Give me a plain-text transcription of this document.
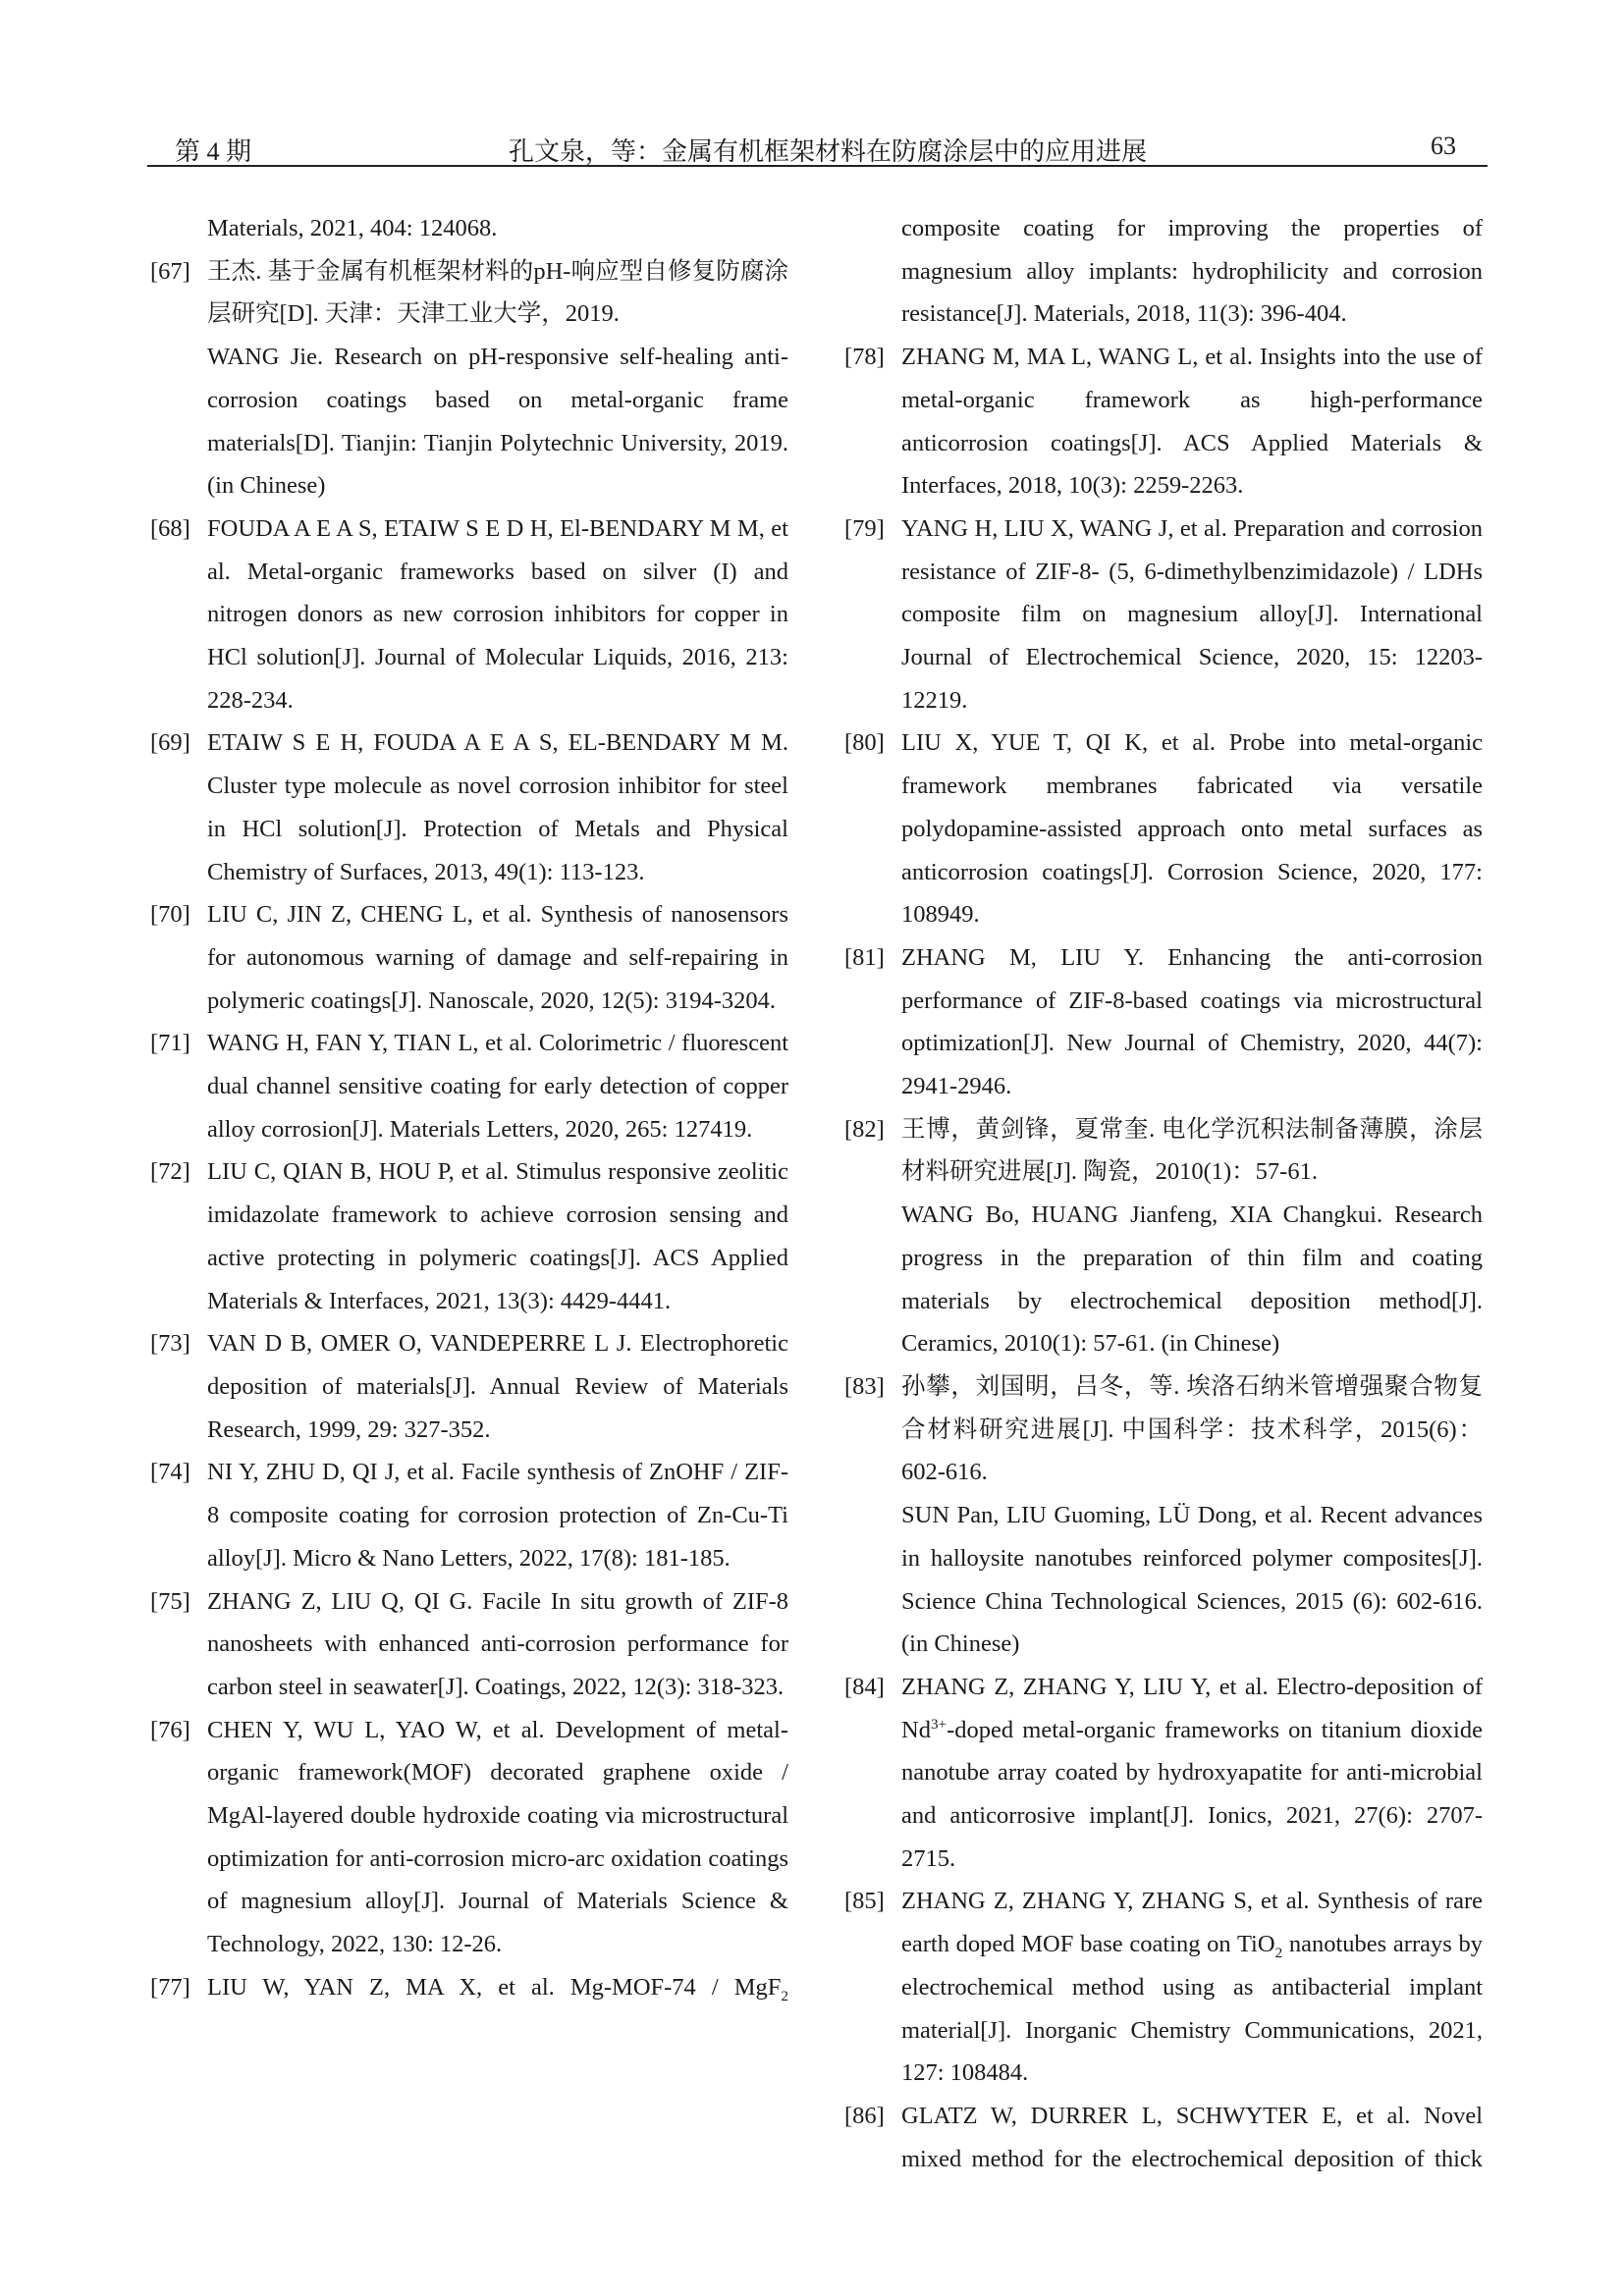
第 4 期	孔文泉，等：金属有机框架材料在防腐涂层中的应用进展	63

Materials, 2021, 404: 124068.

[67] 王杰. 基于金属有机框架材料的pH-响应型自修复防腐涂层研究[D]. 天津：天津工业大学，2019.

WANG Jie. Research on pH-responsive self-healing anti-corrosion coatings based on metal-organic frame materials[D]. Tianjin: Tianjin Polytechnic University, 2019. (in Chinese)

[68] FOUDA A E A S, ETAIW S E D H, El-BENDARY M M, et al. Metal-organic frameworks based on silver (I) and nitrogen donors as new corrosion inhibitors for copper in HCl solution[J]. Journal of Molecular Liquids, 2016, 213: 228-234.

[69] ETAIW S E H, FOUDA A E A S, EL-BENDARY M M. Cluster type molecule as novel corrosion inhibitor for steel in HCl solution[J]. Protection of Metals and Physical Chemistry of Surfaces, 2013, 49(1): 113-123.

[70] LIU C, JIN Z, CHENG L, et al. Synthesis of nanosensors for autonomous warning of damage and self-repairing in polymeric coatings[J]. Nanoscale, 2020, 12(5): 3194-3204.

[71] WANG H, FAN Y, TIAN L, et al. Colorimetric / fluorescent dual channel sensitive coating for early detection of copper alloy corrosion[J]. Materials Letters, 2020, 265: 127419.

[72] LIU C, QIAN B, HOU P, et al. Stimulus responsive zeolitic imidazolate framework to achieve corrosion sensing and active protecting in polymeric coatings[J]. ACS Applied Materials & Interfaces, 2021, 13(3): 4429-4441.

[73] VAN D B, OMER O, VANDEPERRE L J. Electrophoretic deposition of materials[J]. Annual Review of Materials Research, 1999, 29: 327-352.

[74] NI Y, ZHU D, QI J, et al. Facile synthesis of ZnOHF / ZIF-8 composite coating for corrosion protection of Zn-Cu-Ti alloy[J]. Micro & Nano Letters, 2022, 17(8): 181-185.

[75] ZHANG Z, LIU Q, QI G. Facile In situ growth of ZIF-8 nanosheets with enhanced anti-corrosion performance for carbon steel in seawater[J]. Coatings, 2022, 12(3): 318-323.

[76] CHEN Y, WU L, YAO W, et al. Development of metal-organic framework(MOF) decorated graphene oxide / MgAl-layered double hydroxide coating via microstructural optimization for anti-corrosion micro-arc oxidation coatings of magnesium alloy[J]. Journal of Materials Science & Technology, 2022, 130: 12-26.

[77] LIU W, YAN Z, MA X, et al. Mg-MOF-74 / MgF$_2$

composite coating for improving the properties of magnesium alloy implants: hydrophilicity and corrosion resistance[J]. Materials, 2018, 11(3): 396-404.

[78] ZHANG M, MA L, WANG L, et al. Insights into the use of metal-organic framework as high-performance anticorrosion coatings[J]. ACS Applied Materials & Interfaces, 2018, 10(3): 2259-2263.

[79] YANG H, LIU X, WANG J, et al. Preparation and corrosion resistance of ZIF-8- (5, 6-dimethylbenzimidazole) / LDHs composite film on magnesium alloy[J]. International Journal of Electrochemical Science, 2020, 15: 12203-12219.

[80] LIU X, YUE T, QI K, et al. Probe into metal-organic framework membranes fabricated via versatile polydopamine-assisted approach onto metal surfaces as anticorrosion coatings[J]. Corrosion Science, 2020, 177: 108949.

[81] ZHANG M, LIU Y. Enhancing the anti-corrosion performance of ZIF-8-based coatings via microstructural optimization[J]. New Journal of Chemistry, 2020, 44(7): 2941-2946.

[82] 王博，黄剑锋，夏常奎. 电化学沉积法制备薄膜，涂层材料研究进展[J]. 陶瓷，2010(1)：57-61.

WANG Bo, HUANG Jianfeng, XIA Changkui. Research progress in the preparation of thin film and coating materials by electrochemical deposition method[J]. Ceramics, 2010(1): 57-61. (in Chinese)

[83] 孙攀，刘国明，吕冬，等. 埃洛石纳米管增强聚合物复合材料研究进展[J]. 中国科学：技术科学，2015(6)：602-616.

SUN Pan, LIU Guoming, LÜ Dong, et al. Recent advances in halloysite nanotubes reinforced polymer composites[J]. Science China Technological Sciences, 2015 (6): 602-616. (in Chinese)

[84] ZHANG Z, ZHANG Y, LIU Y, et al. Electro-deposition of $Nd^{3+}$-doped metal-organic frameworks on titanium dioxide nanotube array coated by hydroxyapatite for anti-microbial and anticorrosive implant[J]. Ionics, 2021, 27(6): 2707-2715.

[85] ZHANG Z, ZHANG Y, ZHANG S, et al. Synthesis of rare earth doped MOF base coating on TiO$_2$ nanotubes arrays by electrochemical method using as antibacterial implant material[J]. Inorganic Chemistry Communications, 2021, 127: 108484.

[86] GLATZ W, DURRER L, SCHWYTER E, et al. Novel mixed method for the electrochemical deposition of thick
